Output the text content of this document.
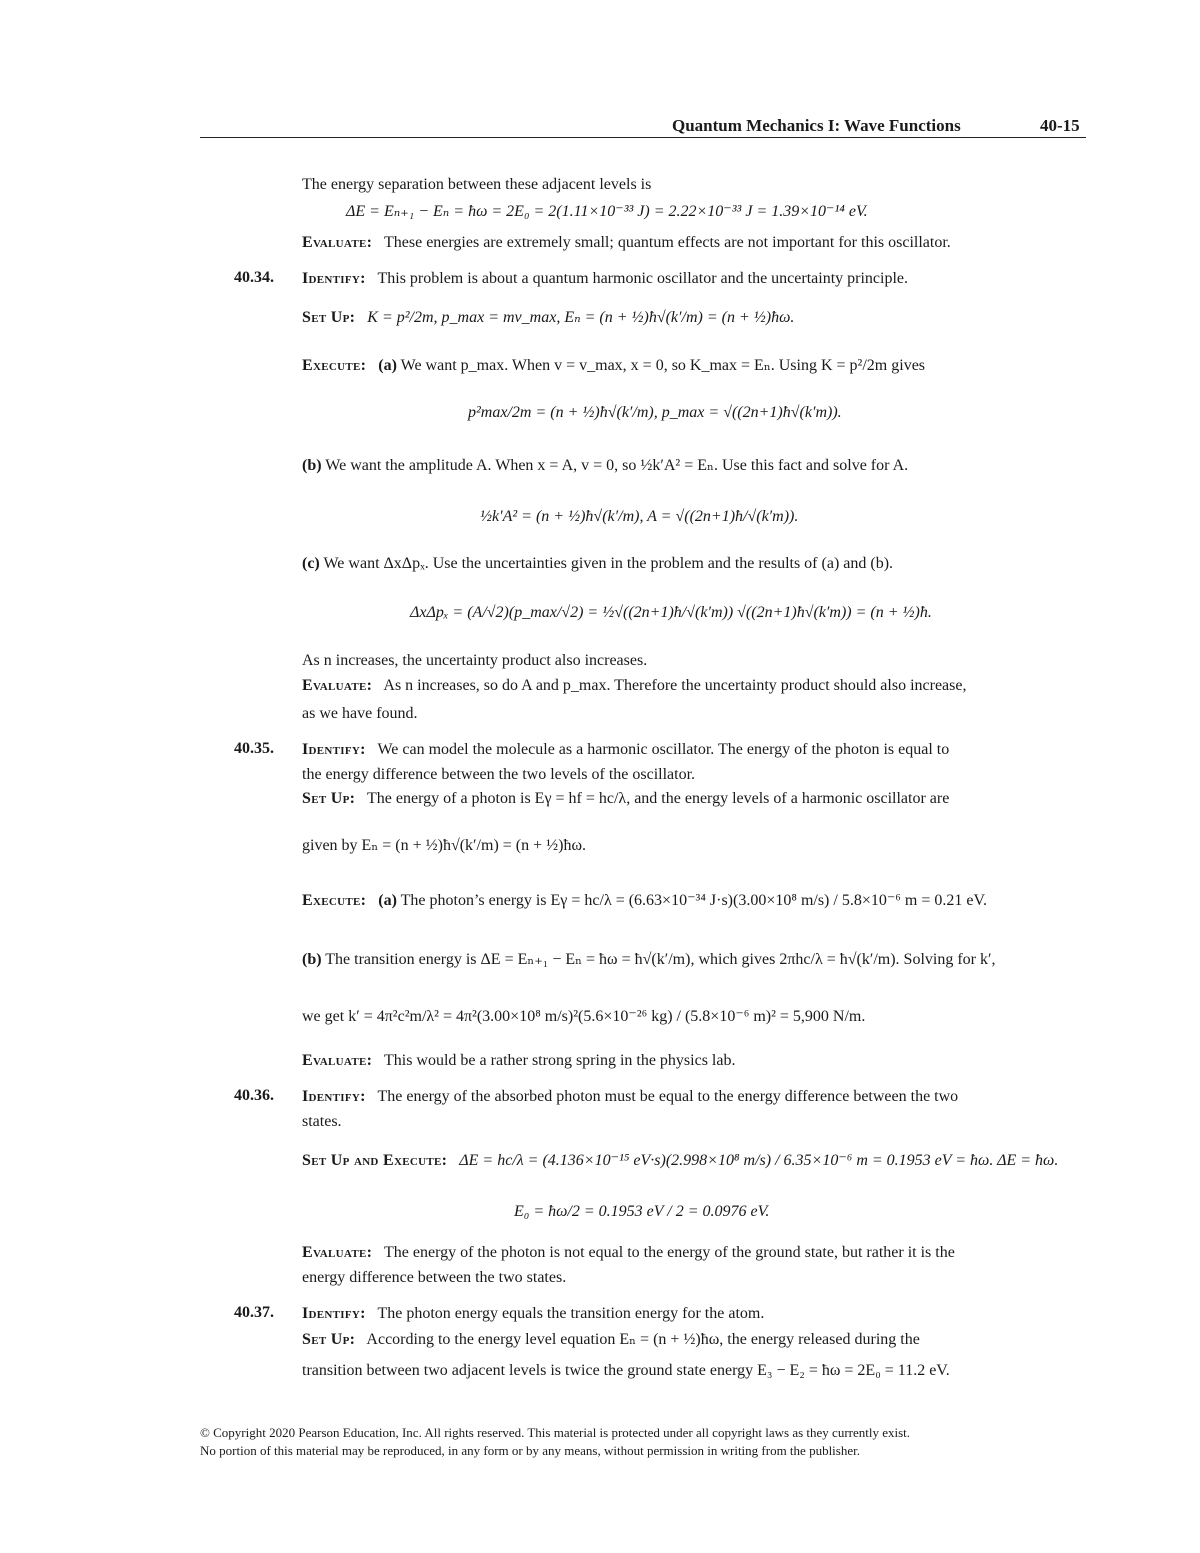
Quantum Mechanics I: Wave Functions	40-15
The energy separation between these adjacent levels is
ΔE = Eₙ₊₁ − Eₙ = ħω = 2E₀ = 2(1.11×10⁻³³ J) = 2.22×10⁻³³ J = 1.39×10⁻¹⁴ eV.
Evaluate: These energies are extremely small; quantum effects are not important for this oscillator.
40.34. Identify: This problem is about a quantum harmonic oscillator and the uncertainty principle.
Set Up: K = p²/2m, p_max = mv_max, Eₙ = (n + ½)ħ√(k′/m) = (n + ½)ħω.
Execute: (a) We want p_max. When v = v_max, x = 0, so K_max = Eₙ. Using K = p²/2m gives
p²max/2m = (n + ½)ħ√(k′/m), p_max = √((2n+1)ħ√(k′m)).
(b) We want the amplitude A. When x = A, v = 0, so ½k′A² = Eₙ. Use this fact and solve for A.
½k′A² = (n + ½)ħ√(k′/m), A = √((2n+1)ħ/√(k′m)).
(c) We want ΔxΔpₓ. Use the uncertainties given in the problem and the results of (a) and (b).
ΔxΔpₓ = (A/√2)(p_max/√2) = ½√((2n+1)ħ/√(k′m)) √((2n+1)ħ√(k′m)) = (n + ½)ħ.
As n increases, the uncertainty product also increases.
Evaluate: As n increases, so do A and p_max. Therefore the uncertainty product should also increase,
as we have found.
40.35. Identify: We can model the molecule as a harmonic oscillator. The energy of the photon is equal to
the energy difference between the two levels of the oscillator.
Set Up: The energy of a photon is Eγ = hf = hc/λ, and the energy levels of a harmonic oscillator are
given by Eₙ = (n + ½)ħ√(k′/m) = (n + ½)ħω.
Execute: (a) The photon’s energy is Eγ = hc/λ = (6.63×10⁻³⁴ J·s)(3.00×10⁸ m/s) / 5.8×10⁻⁶ m = 0.21 eV.
(b) The transition energy is ΔE = Eₙ₊₁ − Eₙ = ħω = ħ√(k′/m), which gives 2πhc/λ = ħ√(k′/m). Solving for k′,
we get k′ = 4π²c²m/λ² = 4π²(3.00×10⁸ m/s)²(5.6×10⁻²⁶ kg) / (5.8×10⁻⁶ m)² = 5,900 N/m.
Evaluate: This would be a rather strong spring in the physics lab.
40.36. Identify: The energy of the absorbed photon must be equal to the energy difference between the two
states.
Set Up and Execute: ΔE = hc/λ = (4.136×10⁻¹⁵ eV·s)(2.998×10⁸ m/s) / 6.35×10⁻⁶ m = 0.1953 eV = ħω. ΔE = ħω.
E₀ = ħω/2 = 0.1953 eV / 2 = 0.0976 eV.
Evaluate: The energy of the photon is not equal to the energy of the ground state, but rather it is the
energy difference between the two states.
40.37. Identify: The photon energy equals the transition energy for the atom.
Set Up: According to the energy level equation Eₙ = (n + ½)ħω, the energy released during the
transition between two adjacent levels is twice the ground state energy E₃ − E₂ = ħω = 2E₀ = 11.2 eV.
© Copyright 2020 Pearson Education, Inc. All rights reserved. This material is protected under all copyright laws as they currently exist.
No portion of this material may be reproduced, in any form or by any means, without permission in writing from the publisher.
